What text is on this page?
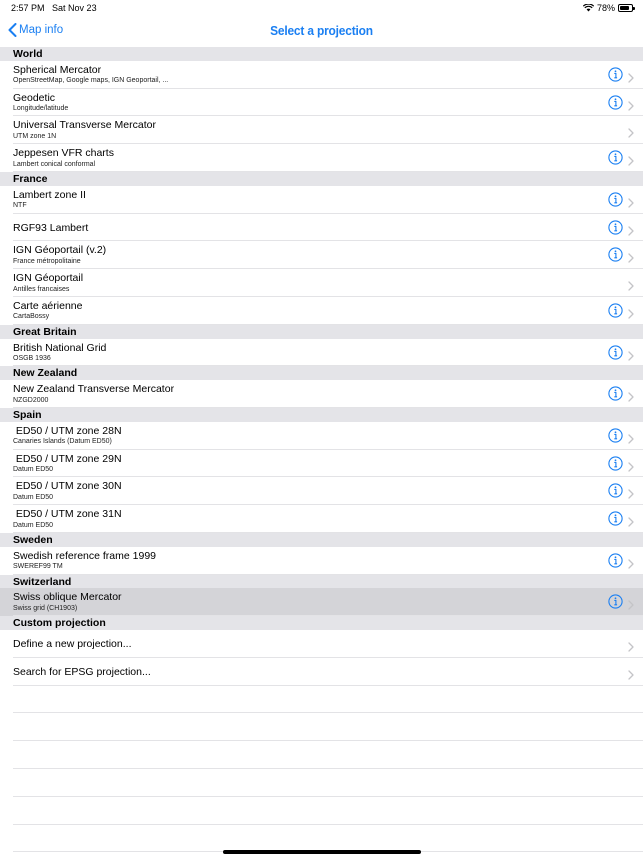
2:57 PM Sat Nov 23	78%
Map info	Select a projection
World
Spherical Mercator
OpenStreetMap, Google maps, IGN Geoportail, ...
Geodetic
Longitude/latitude
Universal Transverse Mercator
UTM zone 1N
Jeppesen VFR charts
Lambert conical conformal
France
Lambert zone II
NTF
RGF93 Lambert
IGN Géoportail (v.2)
France métropolitaine
IGN Géoportail
Antilles francaises
Carte aérienne
CartaBossy
Great Britain
British National Grid
OSGB 1936
New Zealand
New Zealand Transverse Mercator
NZGD2000
Spain
ED50 / UTM zone 28N
Canaries Islands (Datum ED50)
ED50 / UTM zone 29N
Datum ED50
ED50 / UTM zone 30N
Datum ED50
ED50 / UTM zone 31N
Datum ED50
Sweden
Swedish reference frame 1999
SWEREF99 TM
Switzerland
Swiss oblique Mercator
Swiss grid (CH1903)
Custom projection
Define a new projection...
Search for EPSG projection...
